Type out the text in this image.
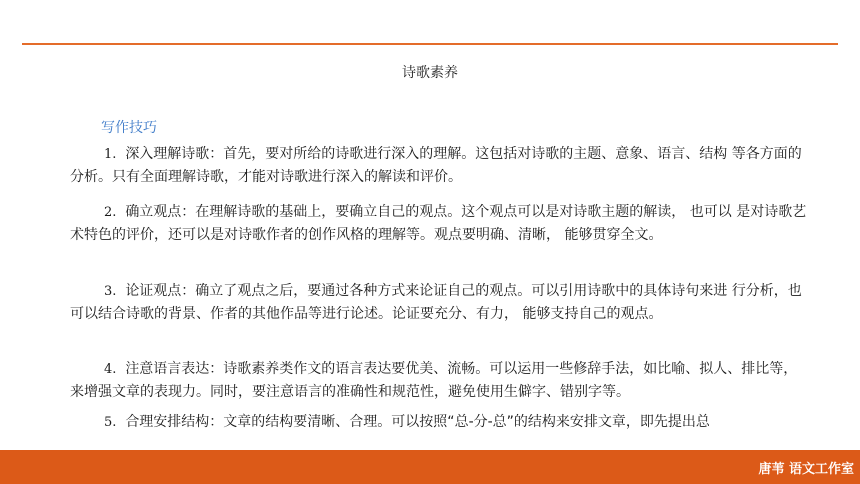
诗歌素养
写作技巧
1. 深入理解诗歌：首先，要对所给的诗歌进行深入的理解。这包括对诗歌的主题、意象、语言、结构 等各方面的分析。只有全面理解诗歌，才能对诗歌进行深入的解读和评价。
2. 确立观点：在理解诗歌的基础上，要确立自己的观点。这个观点可以是对诗歌主题的解读， 也可以 是对诗歌艺术特色的评价，还可以是对诗歌作者的创作风格的理解等。观点要明确、清晰， 能够贯穿全文。
3. 论证观点：确立了观点之后，要通过各种方式来论证自己的观点。可以引用诗歌中的具体诗句来进 行分析，也可以结合诗歌的背景、作者的其他作品等进行论述。论证要充分、有力， 能够支持自己的观点。
4. 注意语言表达：诗歌素养类作文的语言表达要优美、流畅。可以运用一些修辞手法，如比喻、拟人、排比等，来增强文章的表现力。同时，要注意语言的准确性和规范性，避免使用生僻字、错别字等。
5. 合理安排结构：文章的结构要清晰、合理。可以按照“总-分-总”的结构来安排文章，即先提出总
唐苇 语文工作室
